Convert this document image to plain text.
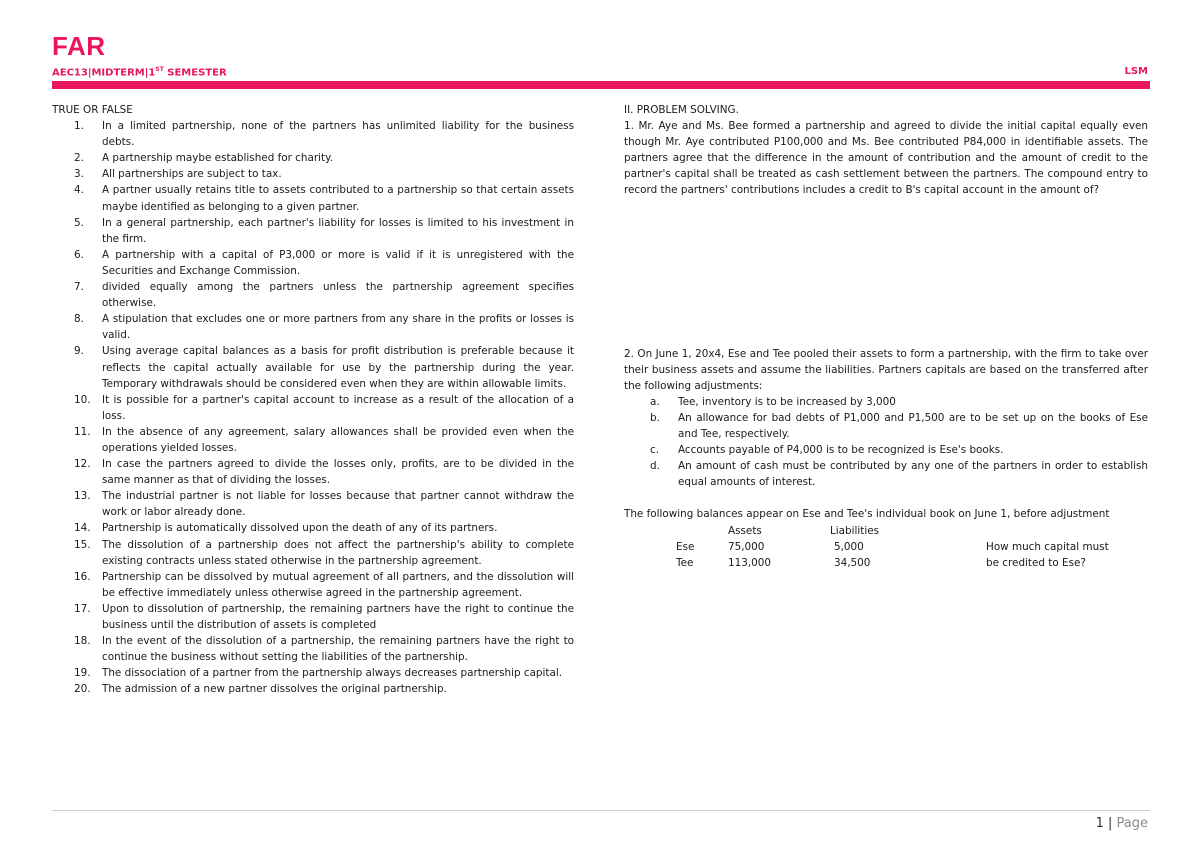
FAR
AEC13|MIDTERM|1ST SEMESTER	LSM
TRUE OR FALSE
1.	In a limited partnership, none of the partners has unlimited liability for the business debts.
2.	A partnership maybe established for charity.
3.	All partnerships are subject to tax.
4.	A partner usually retains title to assets contributed to a partnership so that certain assets maybe identified as belonging to a given partner.
5.	In a general partnership, each partner's liability for losses is limited to his investment in the firm.
6.	A partnership with a capital of P3,000 or more is valid if it is unregistered with the Securities and Exchange Commission.
7.	divided equally among the partners unless the partnership agreement specifies otherwise.
8.	A stipulation that excludes one or more partners from any share in the profits or losses is valid.
9.	Using average capital balances as a basis for profit distribution is preferable because it reflects the capital actually available for use by the partnership during the year. Temporary withdrawals should be considered even when they are within allowable limits.
10.	It is possible for a partner's capital account to increase as a result of the allocation of a loss.
11.	In the absence of any agreement, salary allowances shall be provided even when the operations yielded losses.
12.	In case the partners agreed to divide the losses only, profits, are to be divided in the same manner as that of dividing the losses.
13.	The industrial partner is not liable for losses because that partner cannot withdraw the work or labor already done.
14.	Partnership is automatically dissolved upon the death of any of its partners.
15.	The dissolution of a partnership does not affect the partnership's ability to complete existing contracts unless stated otherwise in the partnership agreement.
16.	Partnership can be dissolved by mutual agreement of all partners, and the dissolution will be effective immediately unless otherwise agreed in the partnership agreement.
17.	Upon to dissolution of partnership, the remaining partners have the right to continue the business until the distribution of assets is completed
18.	In the event of the dissolution of a partnership, the remaining partners have the right to continue the business without setting the liabilities of the partnership.
19.	The dissociation of a partner from the partnership always decreases partnership capital.
20.	The admission of a new partner dissolves the original partnership.
II. PROBLEM SOLVING.

1. Mr. Aye and Ms. Bee formed a partnership and agreed to divide the initial capital equally even though Mr. Aye contributed P100,000 and Ms. Bee contributed P84,000 in identifiable assets. The partners agree that the difference in the amount of contribution and the amount of credit to the partner's capital shall be treated as cash settlement between the partners. The compound entry to record the partners' contributions includes a credit to B's capital account in the amount of?

2. On June 1, 20x4, Ese and Tee pooled their assets to form a partnership, with the firm to take over their business assets and assume the liabilities. Partners capitals are based on the transferred after the following adjustments:

a. Tee, inventory is to be increased by 3,000
b. An allowance for bad debts of P1,000 and P1,500 are to be set up on the books of Ese and Tee, respectively.
c. Accounts payable of P4,000 is to be recognized is Ese's books.
d. An amount of cash must be contributed by any one of the partners in order to establish equal amounts of interest.

The following balances appear on Ese and Tee's individual book on June 1, before adjustment

	Assets	Liabilities	
Ese	75,000	5,000	How much capital must
Tee	113,000	34,500	be credited to Ese?
1 | Page
